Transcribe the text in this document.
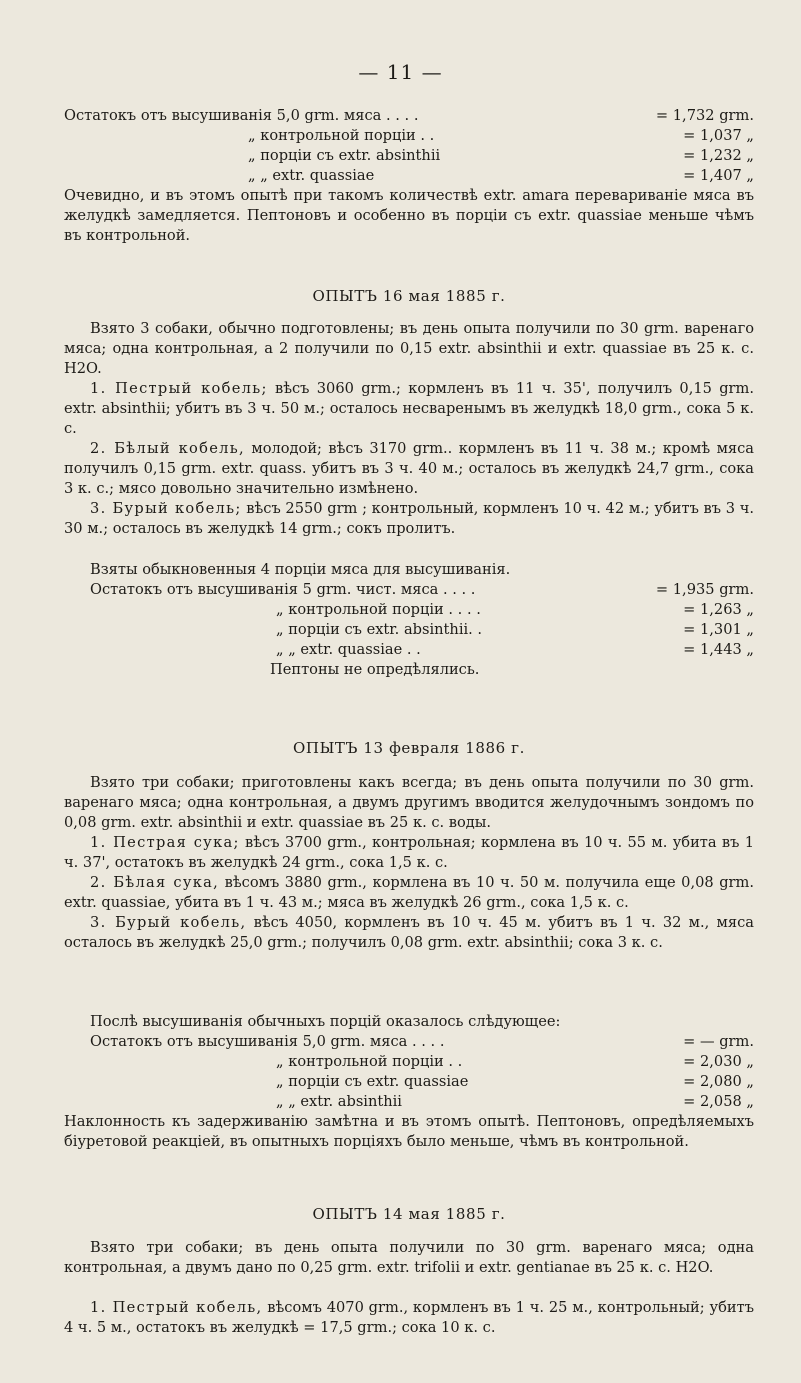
— 11 —
Остатокъ отъ высушиванія 5,0 grm. мяса . . . .	= 1,732 grm.
„ контрольной порціи . .	= 1,037 „
„ порціи съ extr. absinthii	= 1,232 „
„ „ extr. quassiae	= 1,407 „
Очевидно, и въ этомъ опытѣ при такомъ количествѣ extr. amara перевариваніе мяса въ желудкѣ замедляется. Пептоновъ и особенно въ порціи съ extr. quassiae меньше чѣмъ въ контрольной.
ОПЫТЪ 16 мая 1885 г.
Взято 3 собаки, обычно подготовлены; въ день опыта получили по 30 grm. варенаго мяса; одна контрольная, а 2 получили по 0,15 extr. absinthii и extr. quassiae въ 25 к. с. H2O.
1. Пестрый кобель; вѣсъ 3060 grm.; кормленъ въ 11 ч. 35', получилъ 0,15 grm. extr. absinthii; убитъ въ 3 ч. 50 м.; осталось несваренымъ въ желудкѣ 18,0 grm., сока 5 к. с.
2. Бѣлый кобель, молодой; вѣсъ 3170 grm.. кормленъ въ 11 ч. 38 м.; кромѣ мяса получилъ 0,15 grm. extr. quass. убитъ въ 3 ч. 40 м.; осталось въ желудкѣ 24,7 grm., сока 3 к. с.; мясо довольно значительно измѣнено.
3. Бурый кобель; вѣсъ 2550 grm ; контрольный, кормленъ 10 ч. 42 м.; убитъ въ 3 ч. 30 м.; осталось въ желудкѣ 14 grm.; сокъ пролитъ.
Взяты обыкновенныя 4 порціи мяса для высушиванія.
Остатокъ отъ высушиванія 5 grm. чист. мяса . . . .	= 1,935 grm.
„ контрольной порціи . . . .	= 1,263 „
„ порціи съ extr. absinthii. .	= 1,301 „
„ „ extr. quassiae . .	= 1,443 „
Пептоны не опредѣлялись.
ОПЫТЪ 13 февраля 1886 г.
Взято три собаки; приготовлены какъ всегда; въ день опыта получили по 30 grm. варенаго мяса; одна контрольная, а двумъ другимъ вводится желудочнымъ зондомъ по 0,08 grm. extr. absinthii и extr. quassiae въ 25 к. с. воды.
1. Пестрая сука; вѣсъ 3700 grm., контрольная; кормлена въ 10 ч. 55 м. убита въ 1 ч. 37', остатокъ въ желудкѣ 24 grm., сока 1,5 к. с.
2. Бѣлая сука, вѣсомъ 3880 grm., кормлена въ 10 ч. 50 м. получила еще 0,08 grm. extr. quassiae, убита въ 1 ч. 43 м.; мяса въ желудкѣ 26 grm., сока 1,5 к. с.
3. Бурый кобель, вѣсъ 4050, кормленъ въ 10 ч. 45 м. убитъ въ 1 ч. 32 м., мяса осталось въ желудкѣ 25,0 grm.; получилъ 0,08 grm. extr. absinthii; сока 3 к. с.
Послѣ высушиванія обычныхъ порцій оказалось слѣдующее:
Остатокъ отъ высушиванія 5,0 grm. мяса . . . .	= — grm.
„ контрольной порціи . .	= 2,030 „
„ порціи съ extr. quassiae	= 2,080 „
„ „ extr. absinthii	= 2,058 „
Наклонность къ задерживанію замѣтна и въ этомъ опытѣ. Пептоновъ, опредѣляемыхъ біуретовой реакціей, въ опытныхъ порціяхъ было меньше, чѣмъ въ контрольной.
ОПЫТЪ 14 мая 1885 г.
Взято три собаки; въ день опыта получили по 30 grm. варенаго мяса; одна контрольная, а двумъ дано по 0,25 grm. extr. trifolii и extr. gentianae въ 25 к. с. H2O.
1. Пестрый кобель, вѣсомъ 4070 grm., кормленъ въ 1 ч. 25 м., контрольный; убитъ 4 ч. 5 м., остатокъ въ желудкѣ = 17,5 grm.; сока 10 к. с.
